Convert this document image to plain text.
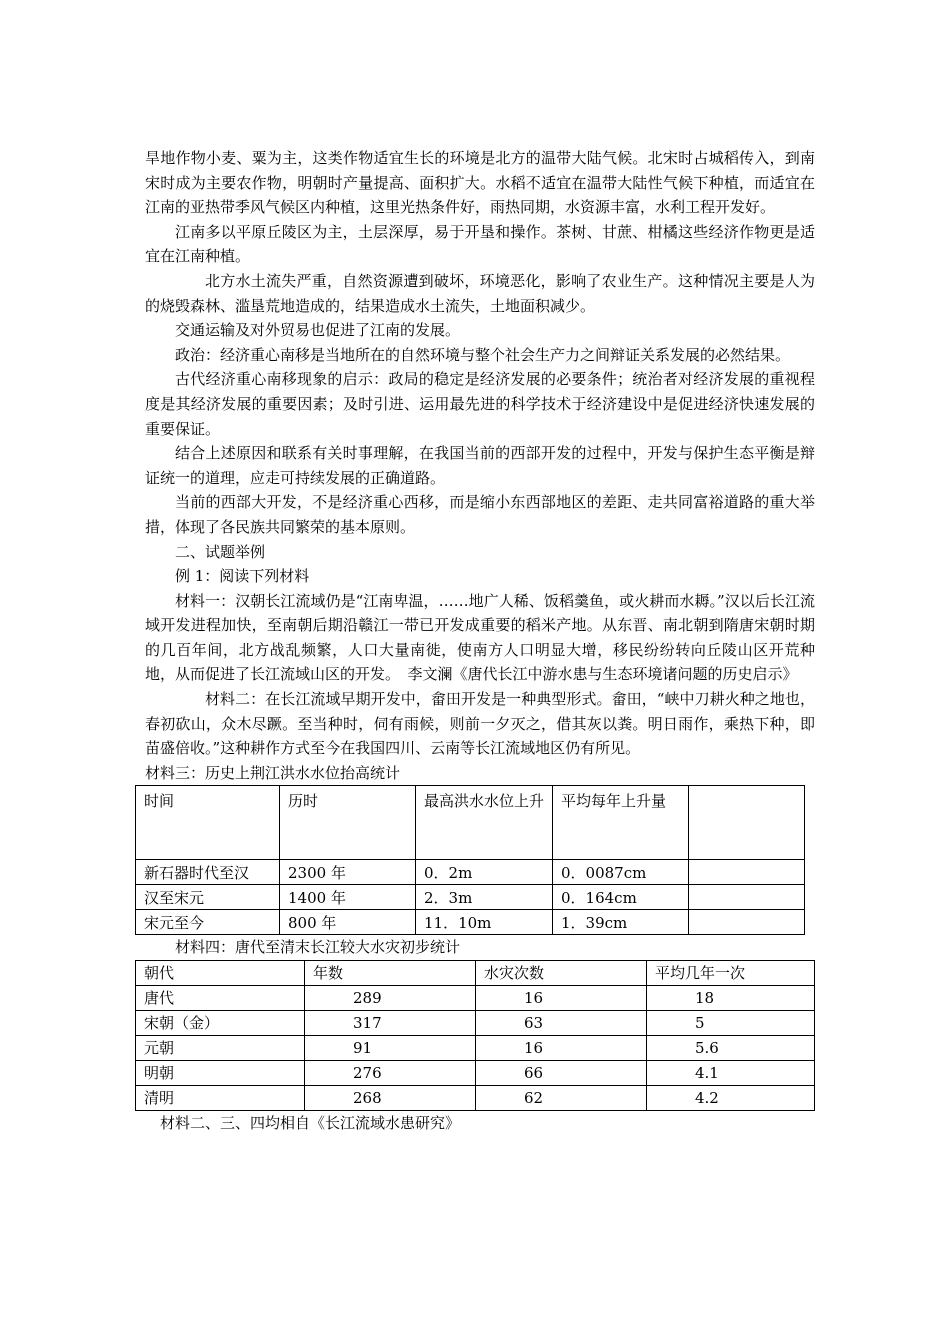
旱地作物小麦、粟为主，这类作物适宜生长的环境是北方的温带大陆气候。北宋时占城稻传入，到南宋时成为主要农作物，明朝时产量提高、面积扩大。水稻不适宜在温带大陆性气候下种植，而适宜在江南的亚热带季风气候区内种植，这里光热条件好，雨热同期，水资源丰富，水利工程开发好。

江南多以平原丘陵区为主，土层深厚，易于开垦和操作。茶树、甘蔗、柑橘这些经济作物更是适宜在江南种植。

北方水土流失严重，自然资源遭到破坏，环境恶化，影响了农业生产。这种情况主要是人为的烧毁森林、滥垦荒地造成的，结果造成水土流失，土地面积减少。

交通运输及对外贸易也促进了江南的发展。

政治：经济重心南移是当地所在的自然环境与整个社会生产力之间辩证关系发展的必然结果。

古代经济重心南移现象的启示：政局的稳定是经济发展的必要条件；统治者对经济发展的重视程度是其经济发展的重要因素；及时引进、运用最先进的科学技术于经济建设中是促进经济快速发展的重要保证。

结合上述原因和联系有关时事理解，在我国当前的西部开发的过程中，开发与保护生态平衡是辩证统一的道理，应走可持续发展的正确道路。

当前的西部大开发，不是经济重心西移，而是缩小东西部地区的差距、走共同富裕道路的重大举措，体现了各民族共同繁荣的基本原则。

二、试题举例

例 1：阅读下列材料

材料一：汉朝长江流域仍是“江南卑温，……地广人稀、饭稻羹鱼，或火耕而水耨。”汉以后长江流域开发进程加快，至南朝后期沿赣江一带已开发成重要的稻米产地。从东晋、南北朝到隋唐宋朝时期的几百年间，北方战乱频繁，人口大量南徙，使南方人口明显大增，移民纷纷转向丘陵山区开荒种地，从而促进了长江流域山区的开发。　李文澜《唐代长江中游水患与生态环境诸问题的历史启示》

材料二：在长江流域早期开发中，畲田开发是一种典型形式。畲田，“峡中刀耕火种之地也，春初砍山，众木尽蹶。至当种时，伺有雨候，则前一夕灭之，借其灰以粪。明日雨作，乘热下种，即苗盛倍收。”这种耕作方式至今在我国四川、云南等长江流域地区仍有所见。

材料三：历史上荆江洪水水位抬高统计

时间	历时	最高洪水水位上升	平均每年上升量	
新石器时代至汉	2300 年	0．2m	0．0087cm	
汉至宋元	1400 年	2．3m	0．164cm	
宋元至今	800 年	11．10m	1．39cm	

材料四：唐代至清末长江较大水灾初步统计

朝代	年数	水灾次数	平均几年一次
唐代	289	16	18
宋朝（金）	317	63	5
元朝	91	16	5.6
明朝	276	66	4.1
清明	268	62	4.2

材料二、三、四均相自《长江流域水患研究》
